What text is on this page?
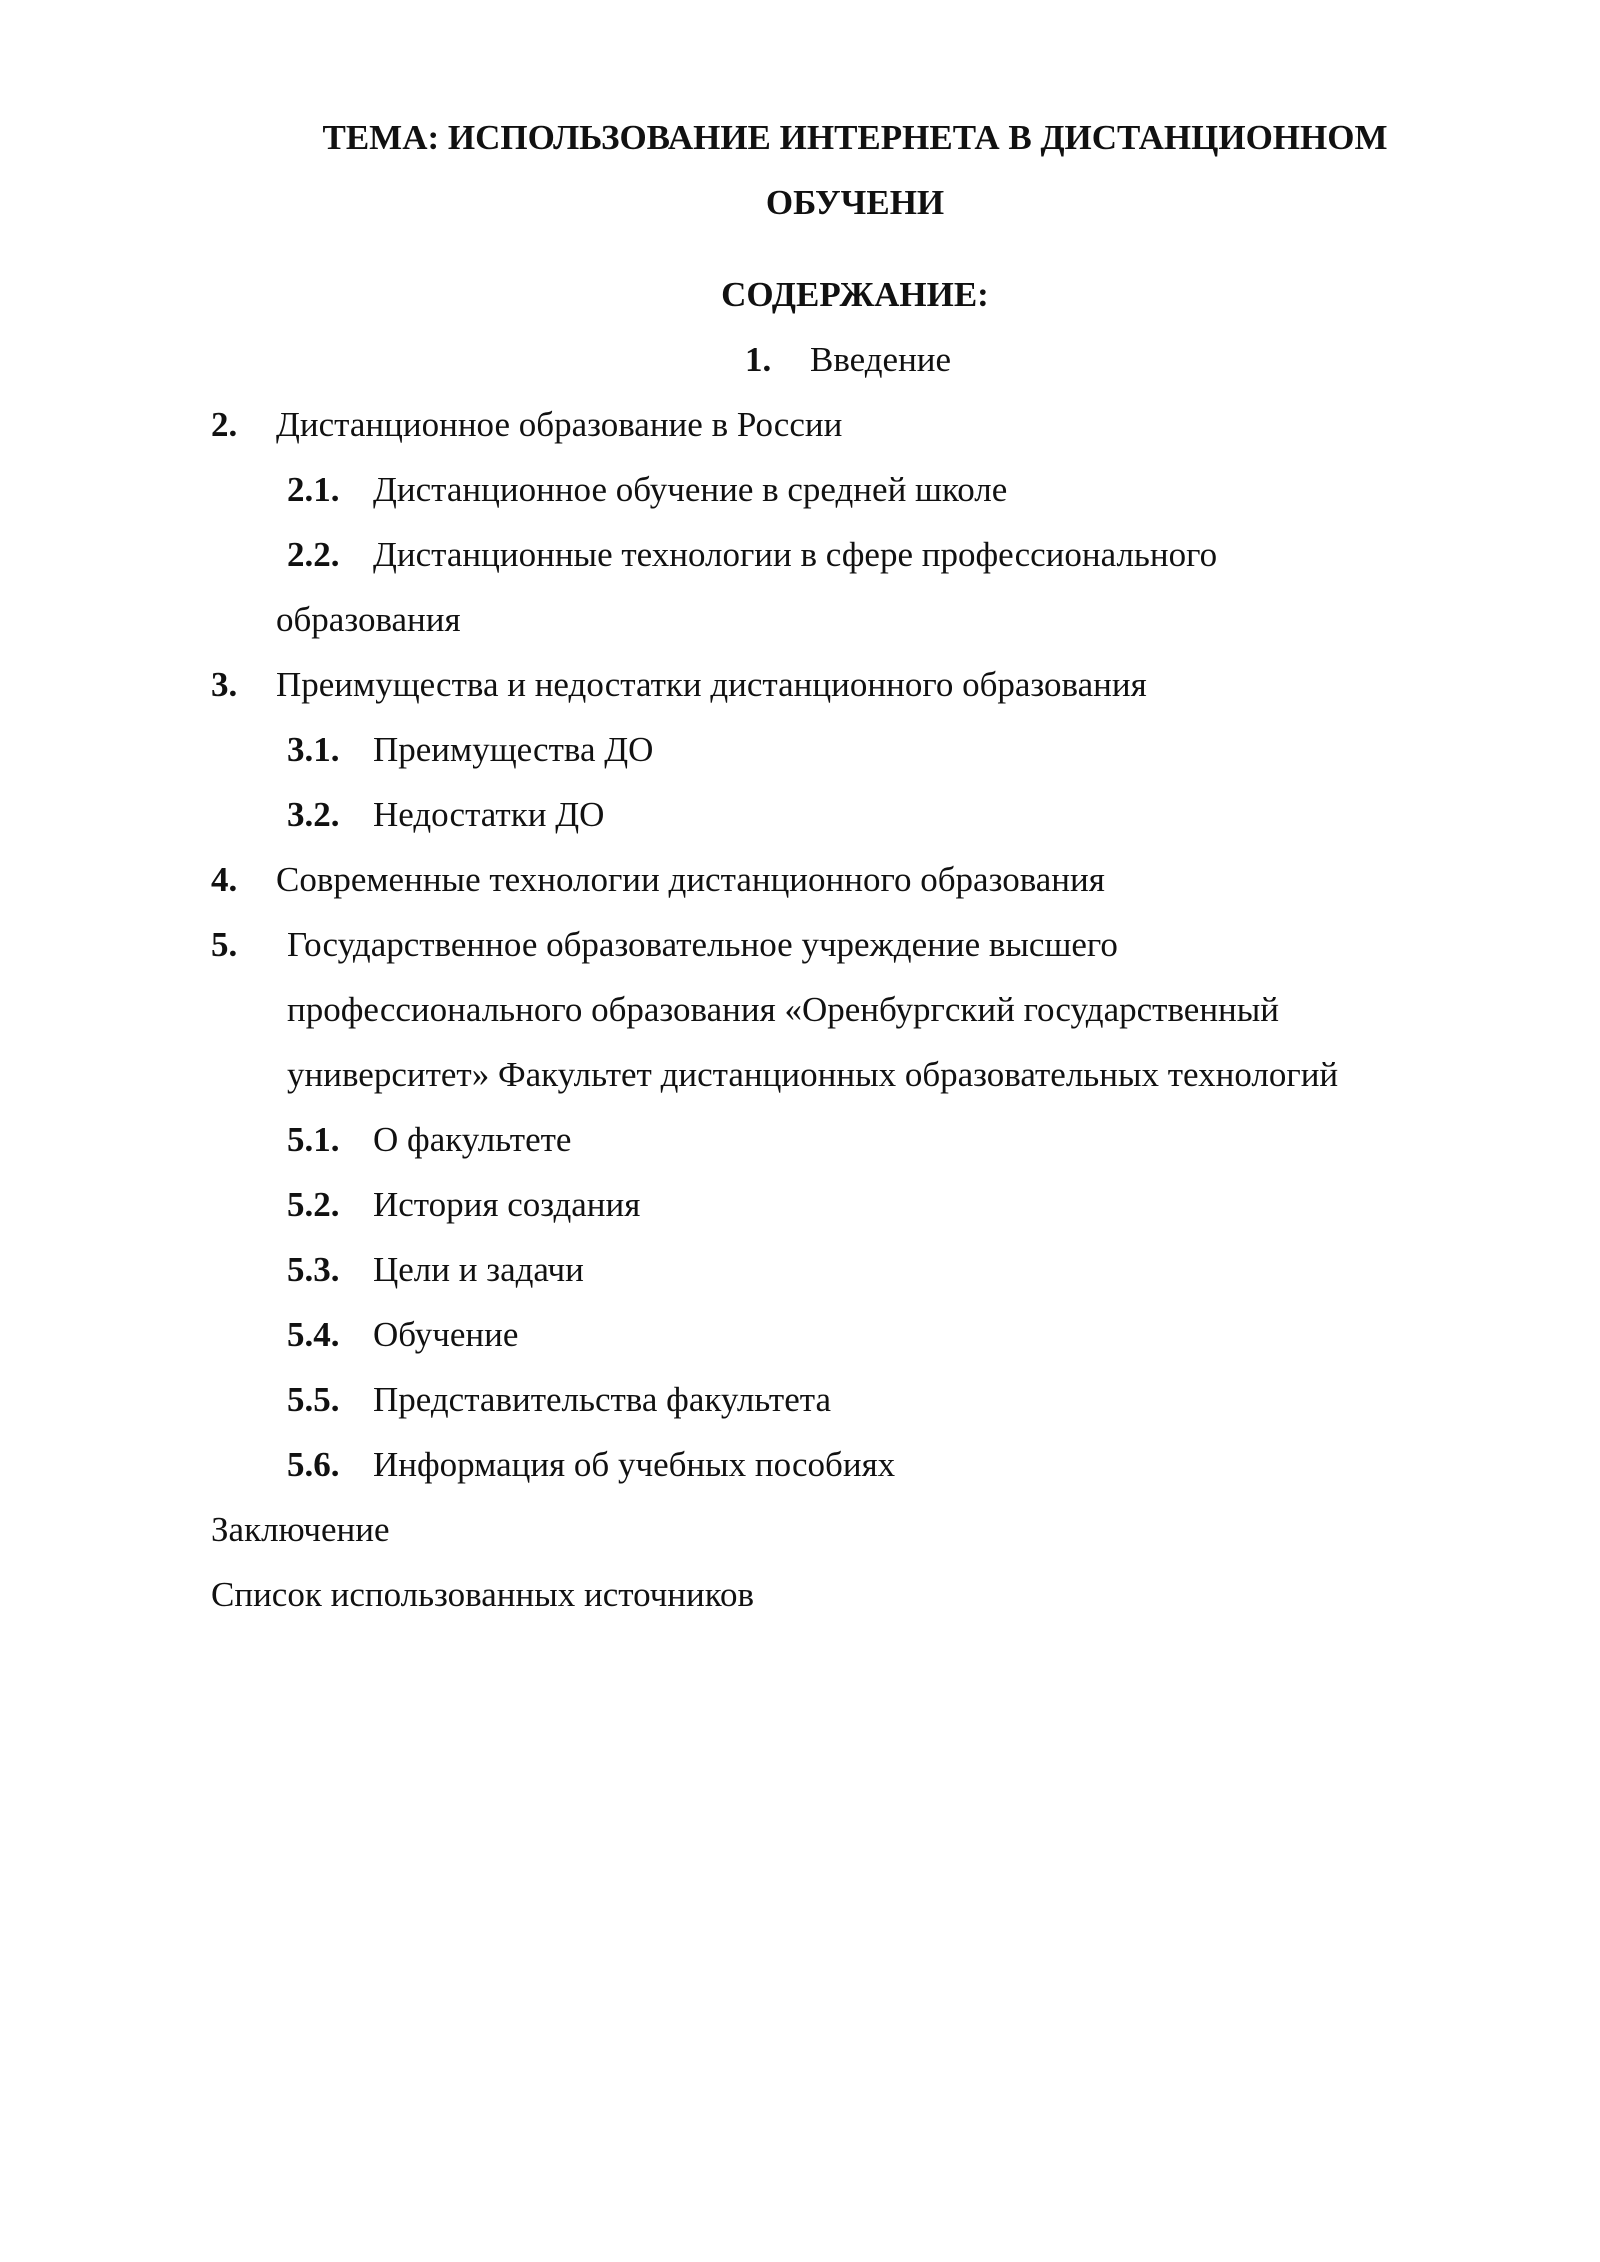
ТЕМА: ИСПОЛЬЗОВАНИЕ ИНТЕРНЕТА В ДИСТАНЦИОННОМ
ОБУЧЕНИ
СОДЕРЖАНИЕ:
1. Введение
2. Дистанционное образование в России
2.1. Дистанционное обучение в средней школе
2.2. Дистанционные технологии в сфере профессионального
образования
3. Преимущества и недостатки дистанционного образования
3.1. Преимущества ДО
3.2. Недостатки ДО
4. Современные технологии дистанционного образования
5. Государственное образовательное учреждение высшего
профессионального образования «Оренбургский государственный
университет» Факультет дистанционных образовательных технологий
5.1. О факультете
5.2. История создания
5.3. Цели и задачи
5.4. Обучение
5.5. Представительства факультета
5.6. Информация об учебных пособиях
Заключение
Список использованных источников
